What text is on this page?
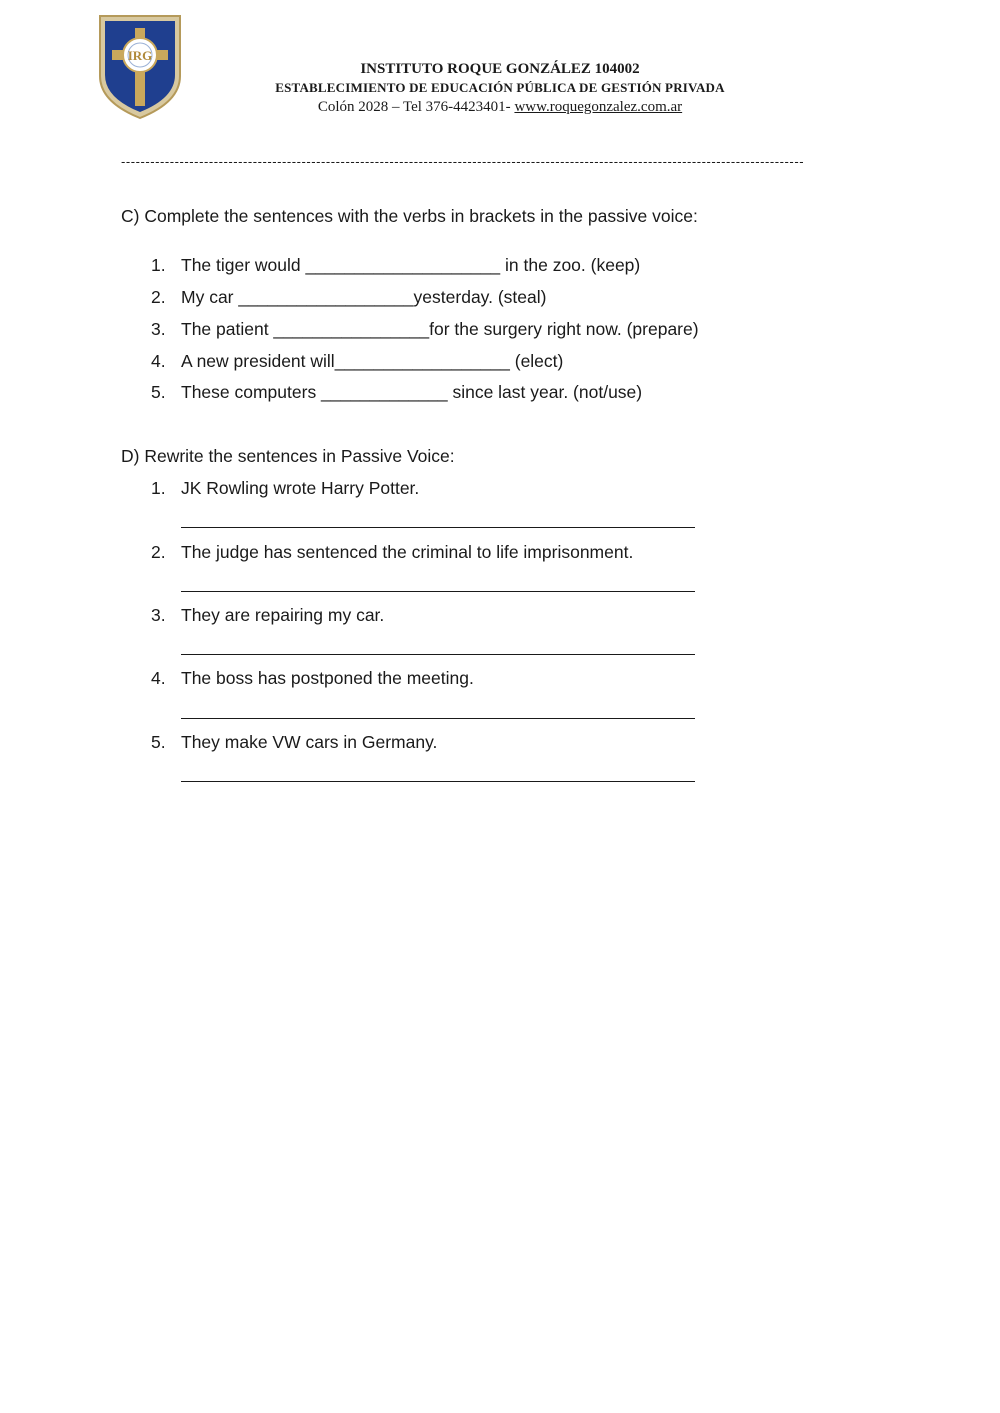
IRG
INSTITUTO ROQUE GONZÁLEZ 104002
ESTABLECIMIENTO DE EDUCACIÓN PÚBLICA DE GESTIÓN PRIVADA
Colón 2028 – Tel 376-4423401- www.roquegonzalez.com.ar
--------------------------------------------------------------------------------------------------------------------------------------------
C) Complete the sentences with the verbs in brackets in the passive voice:
1. The tiger would ____________________ in the zoo. (keep)
2. My car __________________yesterday. (steal)
3. The patient ________________for the surgery right now. (prepare)
4. A new president will__________________ (elect)
5. These computers _____________ since last year. (not/use)
D) Rewrite the sentences in Passive Voice:
1. JK Rowling wrote Harry Potter.
2. The judge has sentenced the criminal to life imprisonment.
3. They are repairing my car.
4. The boss has postponed the meeting.
5. They make VW cars in Germany.
